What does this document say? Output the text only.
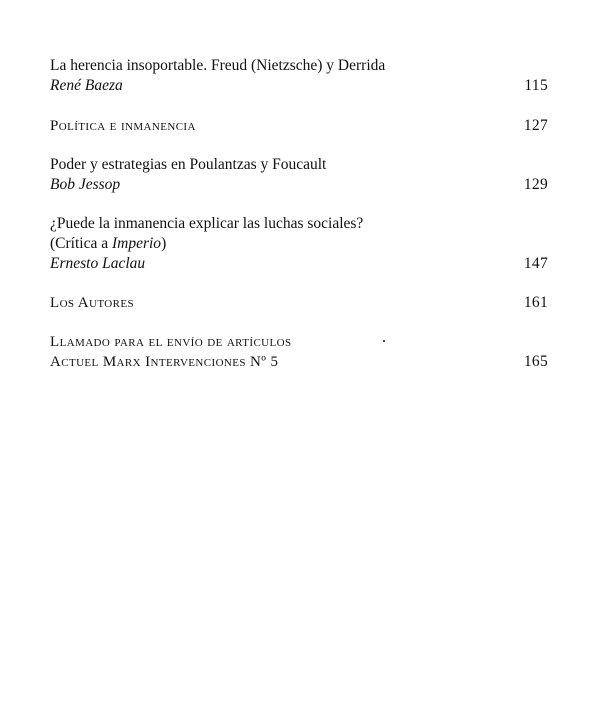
La herencia insoportable. Freud (Nietzsche) y Derrida
René Baeza	115
Política e inmanencia	127
Poder y estrategias en Poulantzas y Foucault
Bob Jessop	129
¿Puede la inmanencia explicar las luchas sociales?
(Crítica a Imperio)
Ernesto Laclau	147
Los Autores	161
Llamado para el envío de artículos
Actuel Marx Intervenciones Nº 5	165
